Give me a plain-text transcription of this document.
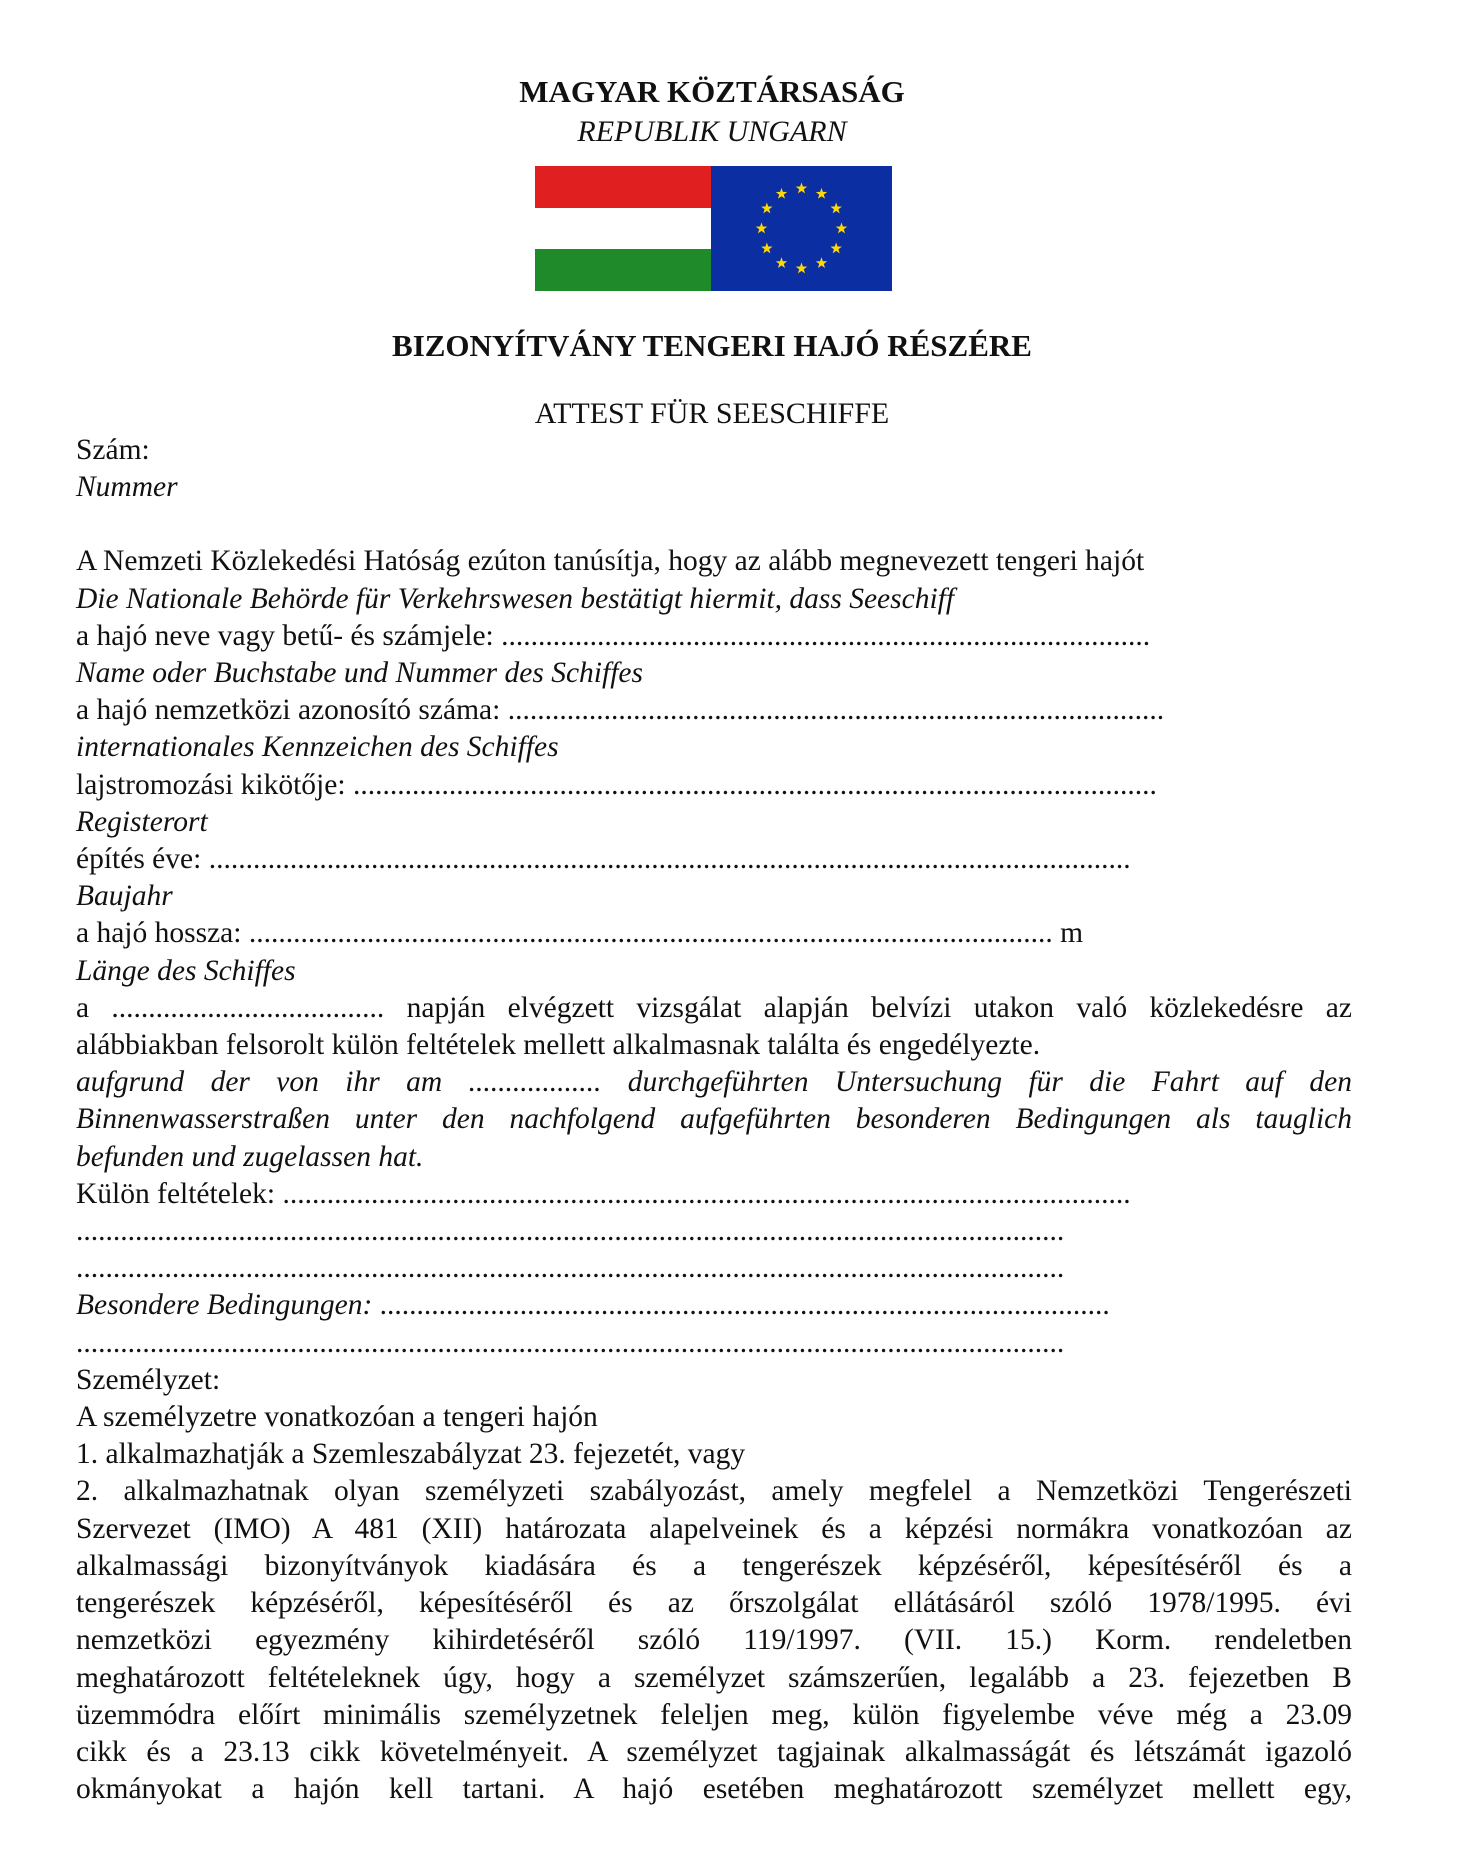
MAGYAR KÖZTÁRSASÁG
REPUBLIK UNGARN
BIZONYÍTVÁNY TENGERI HAJÓ RÉSZÉRE
ATTEST FÜR SEESCHIFFE
Szám:
Nummer
A Nemzeti Közlekedési Hatóság ezúton tanúsítja, hogy az alább megnevezett tengeri hajót
Die Nationale Behörde für Verkehrswesen bestätigt hiermit, dass Seeschiff
a hajó neve vagy betű- és számjele: ........................................................................................
Name oder Buchstabe und Nummer des Schiffes
a hajó nemzetközi azonosító száma: .........................................................................................
internationales Kennzeichen des Schiffes
lajstromozási kikötője: .............................................................................................................
Registerort
építés éve: .............................................................................................................................
Baujahr
a hajó hossza: ............................................................................................................. m
Länge des Schiffes
a ..................................... napján elvégzett vizsgálat alapján belvízi utakon való közlekedésre az
alábbiakban felsorolt külön feltételek mellett alkalmasnak találta és engedélyezte.
aufgrund der von ihr am .................. durchgeführten Untersuchung für die Fahrt auf den
Binnenwasserstraßen unter den nachfolgend aufgeführten besonderen Bedingungen als tauglich
befunden und zugelassen hat.
Külön feltételek: ...................................................................................................................
......................................................................................................................................
......................................................................................................................................
Besondere Bedingungen: ...................................................................................................
......................................................................................................................................
Személyzet:
A személyzetre vonatkozóan a tengeri hajón
1. alkalmazhatják a Szemleszabályzat 23. fejezetét, vagy
2. alkalmazhatnak olyan személyzeti szabályozást, amely megfelel a Nemzetközi Tengerészeti
Szervezet (IMO) A 481 (XII) határozata alapelveinek és a képzési normákra vonatkozóan az
alkalmassági bizonyítványok kiadására és a tengerészek képzéséről, képesítéséről és a
tengerészek képzéséről, képesítéséről és az őrszolgálat ellátásáról szóló 1978/1995. évi
nemzetközi egyezmény kihirdetéséről szóló 119/1997. (VII. 15.) Korm. rendeletben
meghatározott feltételeknek úgy, hogy a személyzet számszerűen, legalább a 23. fejezetben B
üzemmódra előírt minimális személyzetnek feleljen meg, külön figyelembe véve még a 23.09
cikk és a 23.13 cikk követelményeit. A személyzet tagjainak alkalmasságát és létszámát igazoló
okmányokat a hajón kell tartani. A hajó esetében meghatározott személyzet mellett egy,
